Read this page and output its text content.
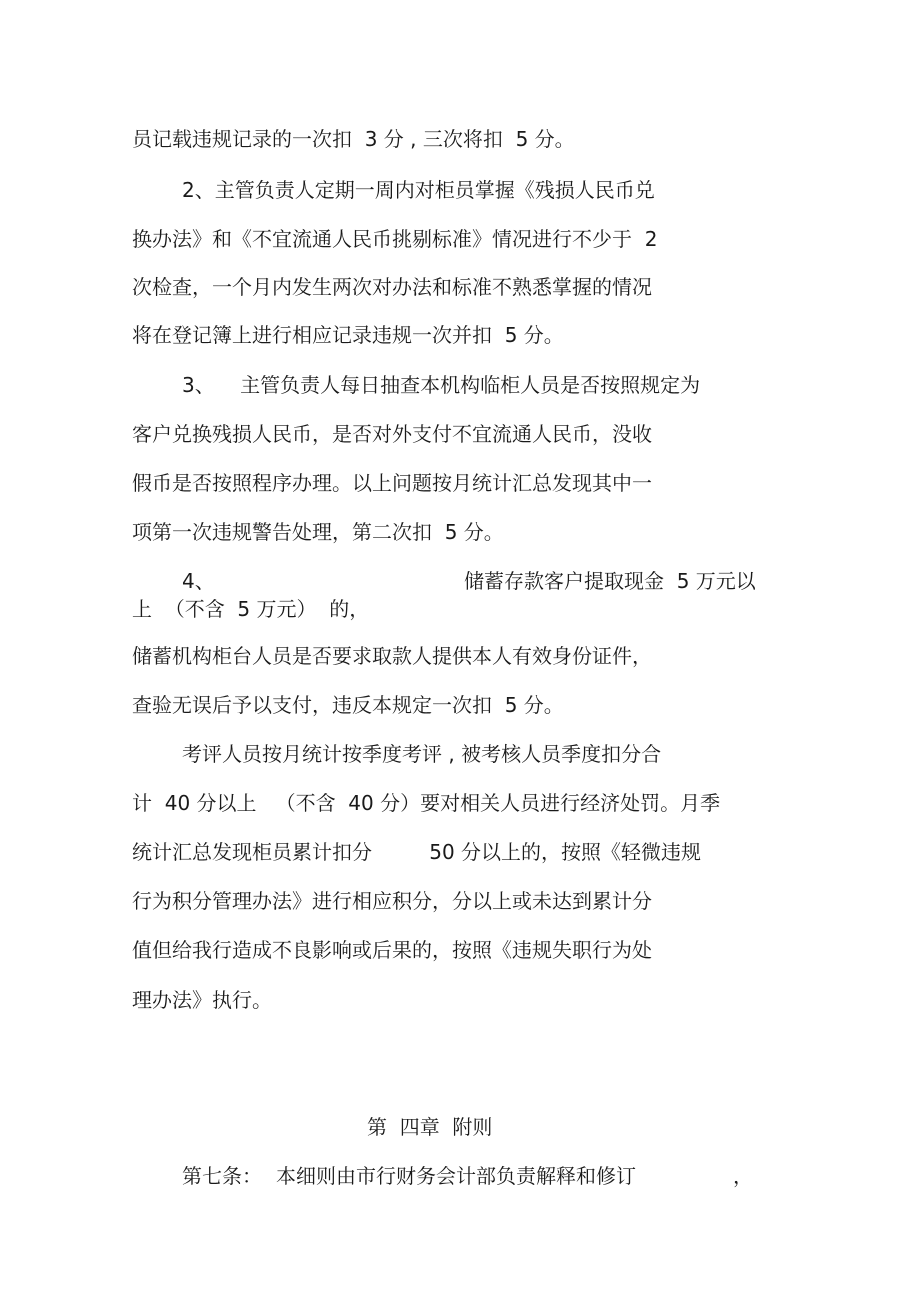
员记载违规记录的一次扣  3 分 , 三次将扣  5 分。
2、主管负责人定期一周内对柜员掌握《残损人民币兑
换办法》和《不宜流通人民币挑剔标准》情况进行不少于  2
次检查，一个月内发生两次对办法和标准不熟悉掌握的情况
将在登记簿上进行相应记录违规一次并扣  5 分。
3、    主管负责人每日抽查本机构临柜人员是否按照规定为
客户兑换残损人民币，是否对外支付不宜流通人民币，没收
假币是否按照程序办理。以上问题按月统计汇总发现其中一
项第一次违规警告处理，第二次扣  5 分。
4、	储蓄存款客户提取现金  5 万元以
上  （不含  5 万元）  的，
储蓄机构柜台人员是否要求取款人提供本人有效身份证件，
查验无误后予以支付，违反本规定一次扣  5 分。
考评人员按月统计按季度考评 , 被考核人员季度扣分合
计  40 分以上   （不含  40 分）要对相关人员进行经济处罚。月季
统计汇总发现柜员累计扣分         50 分以上的，按照《轻微违规
行为积分管理办法》进行相应积分，分以上或未达到累计分
值但给我行造成不良影响或后果的，按照《违规失职行为处
理办法》执行。
第  四章  附则
第七条： 本细则由市行财务会计部负责解释和修订	，
